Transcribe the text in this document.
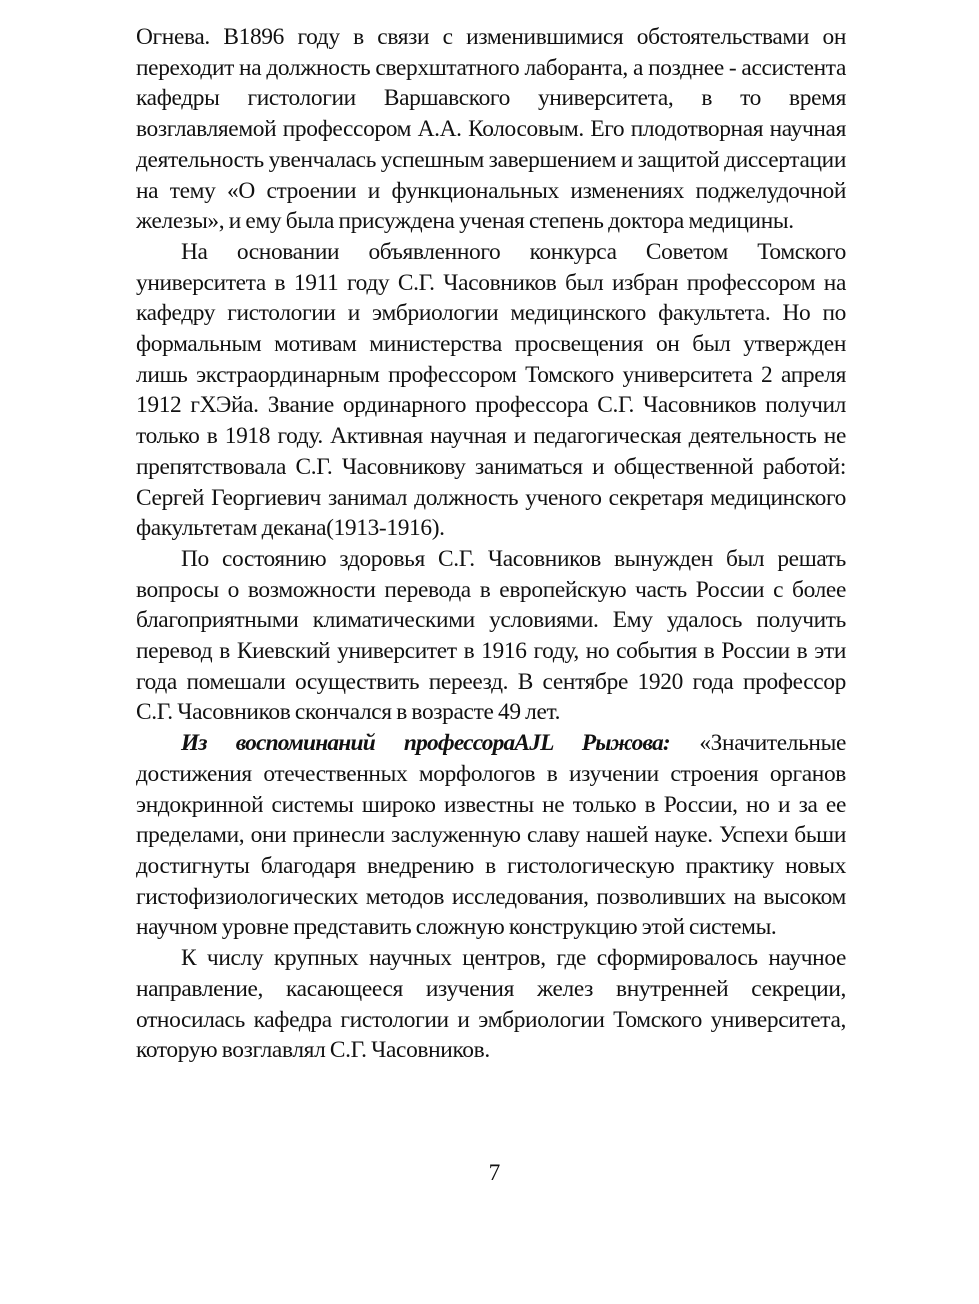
Огнева. В1896 году в связи с изменившимися обстоятельствами он переходит на должность сверхштатного лаборанта, а позднее - ассистента кафедры гистологии Варшавского университета, в то время возглавляемой профессором А.А. Колосовым. Его плодотворная научная деятельность увенчалась успешным завершением и защитой диссертации на тему «О строении и функциональных изменениях поджелудочной железы», и ему была присуждена ученая степень доктора медицины.

На основании объявленного конкурса Советом Томского университета в 1911 году С.Г. Часовников был избран профессором на кафедру гистологии и эмбриологии медицинского факультета. Но по формальным мотивам министерства просвещения он был утвержден лишь экстраординарным профессором Томского университета 2 апреля 1912 гХЭйа. Звание ординарного профессора С.Г. Часовников получил только в 1918 году. Активная научная и педагогическая деятельность не препятствовала С.Г. Часовникову заниматься и общественной работой: Сергей Георгиевич занимал должность ученого секретаря медицинского факультетам декана(1913-1916).

По состоянию здоровья С.Г. Часовников вынужден был решать вопросы о возможности перевода в европейскую часть России с более благоприятными климатическими условиями. Ему удалось получить перевод в Киевский университет в 1916 году, но события в России в эти года помешали осуществить переезд. В сентябре 1920 года профессор С.Г. Часовников скончался в возрасте 49 лет.

Из воспоминаний профессораAJL Рыжова: «Значительные достижения отечественных морфологов в изучении строения органов эндокринной системы широко известны не только в России, но и за ее пределами, они принесли заслуженную славу нашей науке. Успехи бьши достигнуты благодаря внедрению в гистологическую практику новых гистофизиологических методов исследования, позволивших на высоком научном уровне представить сложную конструкцию этой системы.

К числу крупных научных центров, где сформировалось научное направление, касающееся изучения желез внутренней секреции, относилась кафедра гистологии и эмбриологии Томского университета, которую возглавлял С.Г. Часовников.

7
